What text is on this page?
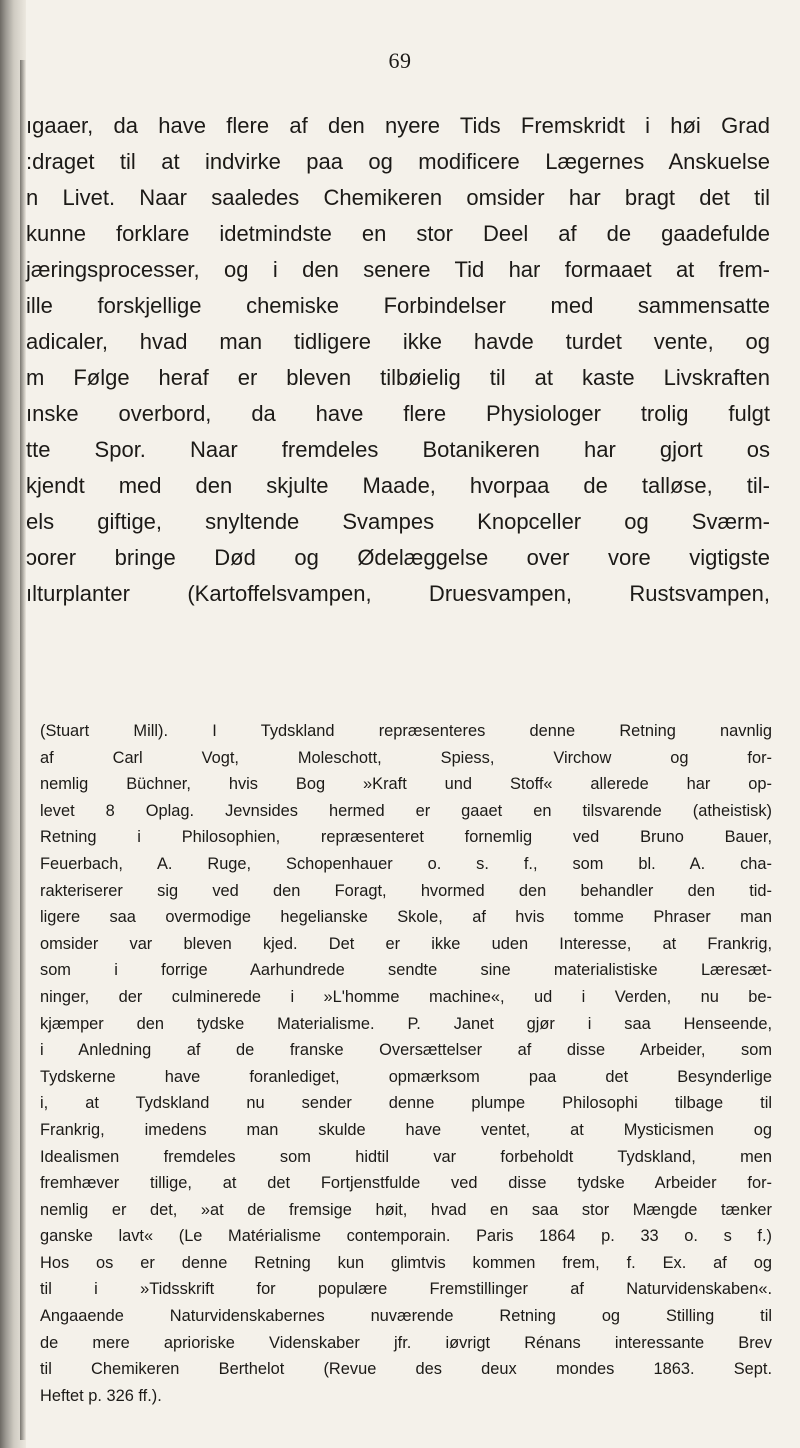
69
ıgaaer, da have flere af den nyere Tids Fremskridt i høi Grad
:draget til at indvirke paa og modificere Lægernes Anskuelse
n Livet. Naar saaledes Chemikeren omsider har bragt det til
kunne forklare idetmindste en stor Deel af de gaadefulde
jæringsprocesser, og i den senere Tid har formaaet at frem-
ille forskjellige chemiske Forbindelser med sammensatte
adicaler, hvad man tidligere ikke havde turdet vente, og
m Følge heraf er bleven tilbøielig til at kaste Livskraften
ınske overbord, da have flere Physiologer trolig fulgt
tte Spor. Naar fremdeles Botanikeren har gjort os
kjendt med den skjulte Maade, hvorpaa de talløse, til-
els giftige, snyltende Svampes Knopceller og Sværm-
ɔorer bringe Død og Ødelæggelse over vore vigtigste
ılturplanter (Kartoffelsvampen, Druesvampen, Rustsvampen,
(Stuart Mill). I Tydskland repræsenteres denne Retning navnlig
af Carl Vogt, Moleschott, Spiess, Virchow og for-
nemlig Büchner, hvis Bog »Kraft und Stoff« allerede har op-
levet 8 Oplag. Jevnsides hermed er gaaet en tilsvarende (atheistisk)
Retning i Philosophien, repræsenteret fornemlig ved Bruno Bauer,
Feuerbach, A. Ruge, Schopenhauer o. s. f., som bl. A. cha-
rakteriserer sig ved den Foragt, hvormed den behandler den tid-
ligere saa overmodige hegelianske Skole, af hvis tomme Phraser man
omsider var bleven kjed. Det er ikke uden Interesse, at Frankrig,
som i forrige Aarhundrede sendte sine materialistiske Læresæt-
ninger, der culminerede i »L'homme machine«, ud i Verden, nu be-
kjæmper den tydske Materialisme. P. Janet gjør i saa Henseende,
i Anledning af de franske Oversættelser af disse Arbeider, som
Tydskerne have foranlediget, opmærksom paa det Besynderlige
i, at Tydskland nu sender denne plumpe Philosophi tilbage til
Frankrig, imedens man skulde have ventet, at Mysticismen og
Idealismen fremdeles som hidtil var forbeholdt Tydskland, men
fremhæver tillige, at det Fortjenstfulde ved disse tydske Arbeider for-
nemlig er det, »at de fremsige høit, hvad en saa stor Mængde tænker
ganske lavt« (Le Matérialisme contemporain. Paris 1864 p. 33 o. s f.)
Hos os er denne Retning kun glimtvis kommen frem, f. Ex. af og
til i »Tidsskrift for populære Fremstillinger af Naturvidenskaben«.
Angaaende Naturvidenskabernes nuværende Retning og Stilling til
de mere aprioriske Videnskaber jfr. iøvrigt Rénans interessante Brev
til Chemikeren Berthelot (Revue des deux mondes 1863. Sept.
Heftet p. 326 ff.).
